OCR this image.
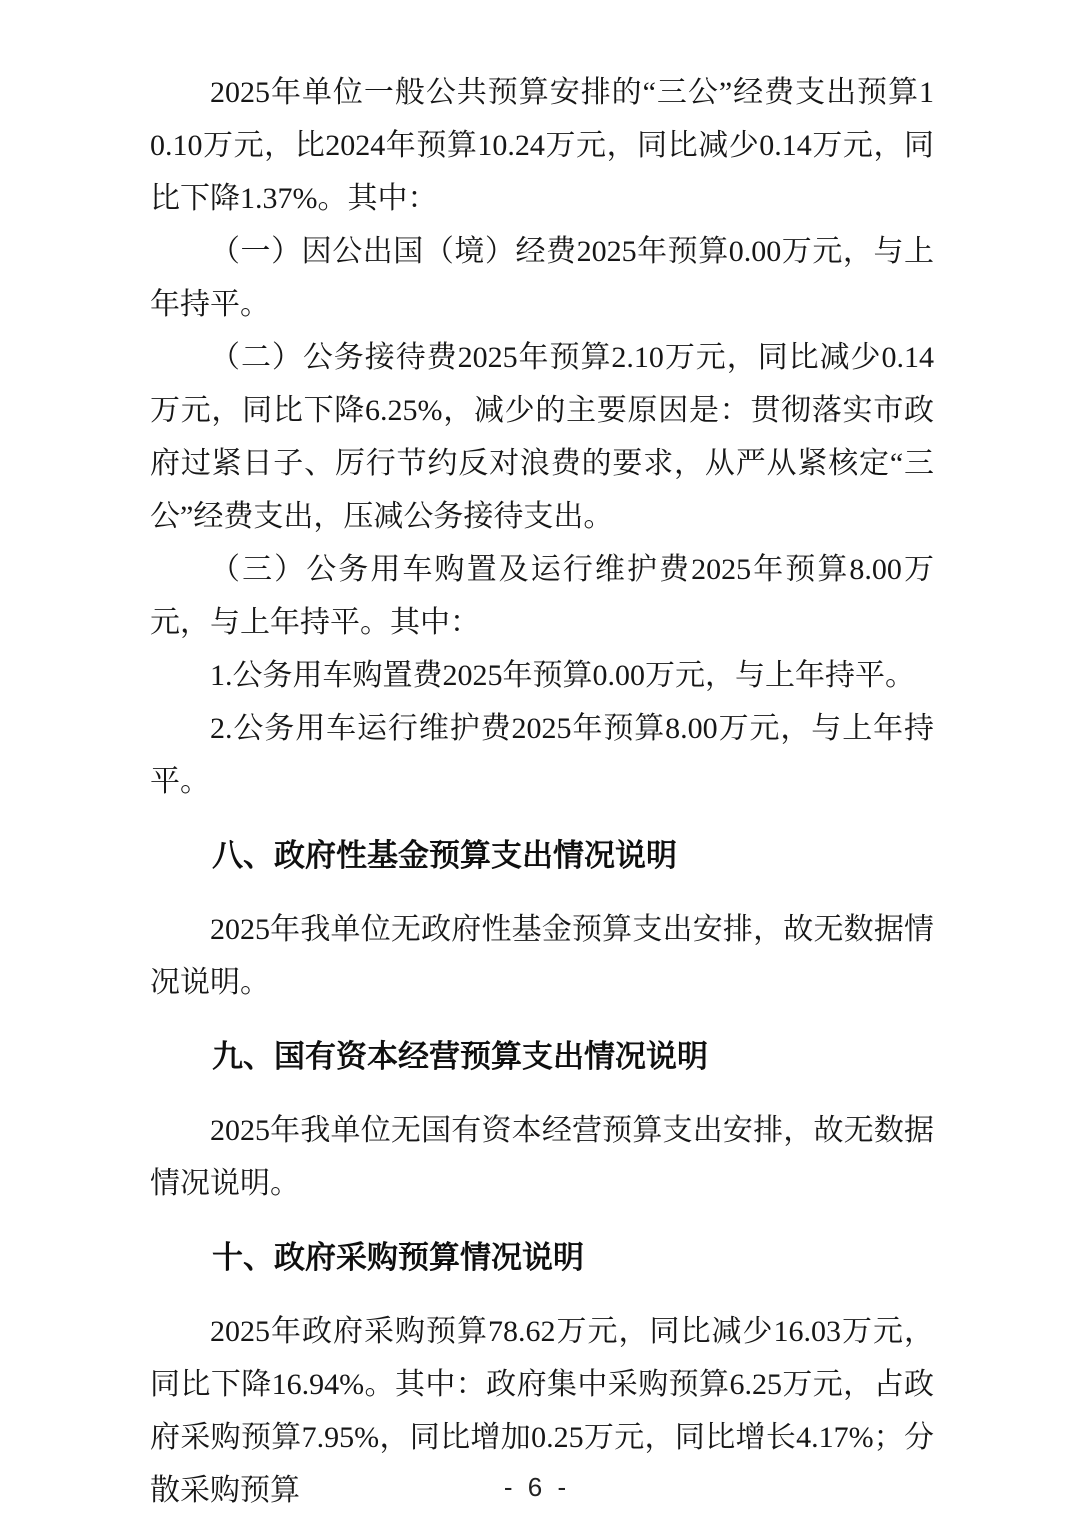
2025年单位一般公共预算安排的“三公”经费支出预算10.10万元，比2024年预算10.24万元，同比减少0.14万元，同比下降1.37%。其中：

（一）因公出国（境）经费2025年预算0.00万元，与上年持平。

（二）公务接待费2025年预算2.10万元，同比减少0.14万元，同比下降6.25%，减少的主要原因是：贯彻落实市政府过紧日子、厉行节约反对浪费的要求，从严从紧核定“三公”经费支出，压减公务接待支出。

（三）公务用车购置及运行维护费2025年预算8.00万元，与上年持平。其中：

1.公务用车购置费2025年预算0.00万元，与上年持平。

2.公务用车运行维护费2025年预算8.00万元，与上年持平。

八、政府性基金预算支出情况说明

2025年我单位无政府性基金预算支出安排，故无数据情况说明。

九、国有资本经营预算支出情况说明

2025年我单位无国有资本经营预算支出安排，故无数据情况说明。

十、政府采购预算情况说明

2025年政府采购预算78.62万元，同比减少16.03万元，同比下降16.94%。其中：政府集中采购预算6.25万元，占政府采购预算7.95%，同比增加0.25万元，同比增长4.17%；分散采购预算	- 6 -
